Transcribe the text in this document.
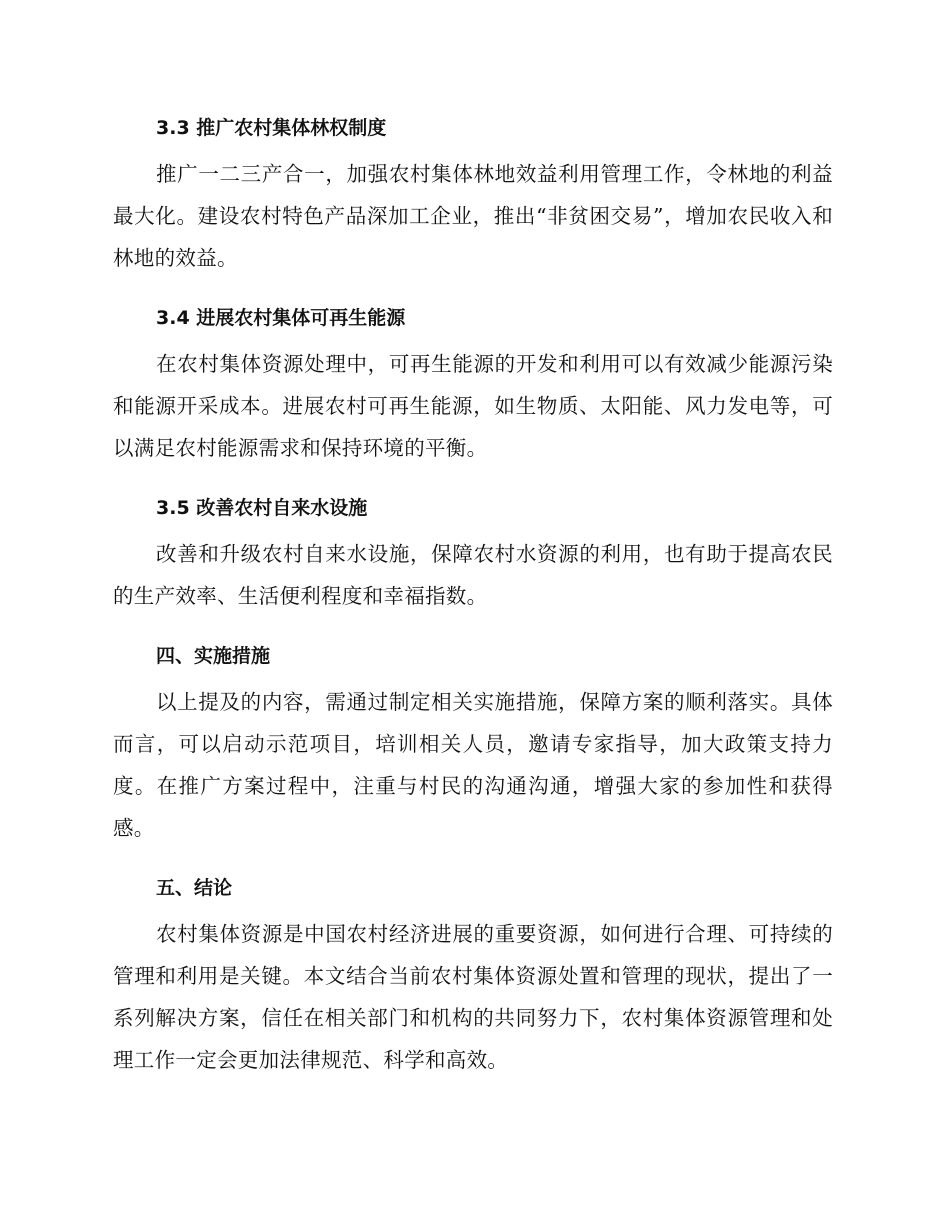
3.3 推广农村集体林权制度

推广一二三产合一，加强农村集体林地效益利用管理工作，令林地的利益最大化。建设农村特色产品深加工企业，推出“非贫困交易”，增加农民收入和林地的效益。

3.4 进展农村集体可再生能源

在农村集体资源处理中，可再生能源的开发和利用可以有效减少能源污染和能源开采成本。进展农村可再生能源，如生物质、太阳能、风力发电等，可以满足农村能源需求和保持环境的平衡。

3.5 改善农村自来水设施

改善和升级农村自来水设施，保障农村水资源的利用，也有助于提高农民的生产效率、生活便利程度和幸福指数。

四、实施措施

以上提及的内容，需通过制定相关实施措施，保障方案的顺利落实。具体而言，可以启动示范项目，培训相关人员，邀请专家指导，加大政策支持力度。在推广方案过程中，注重与村民的沟通沟通，增强大家的参加性和获得感。

五、结论

农村集体资源是中国农村经济进展的重要资源，如何进行合理、可持续的管理和利用是关键。本文结合当前农村集体资源处置和管理的现状，提出了一系列解决方案，信任在相关部门和机构的共同努力下，农村集体资源管理和处理工作一定会更加法律规范、科学和高效。
